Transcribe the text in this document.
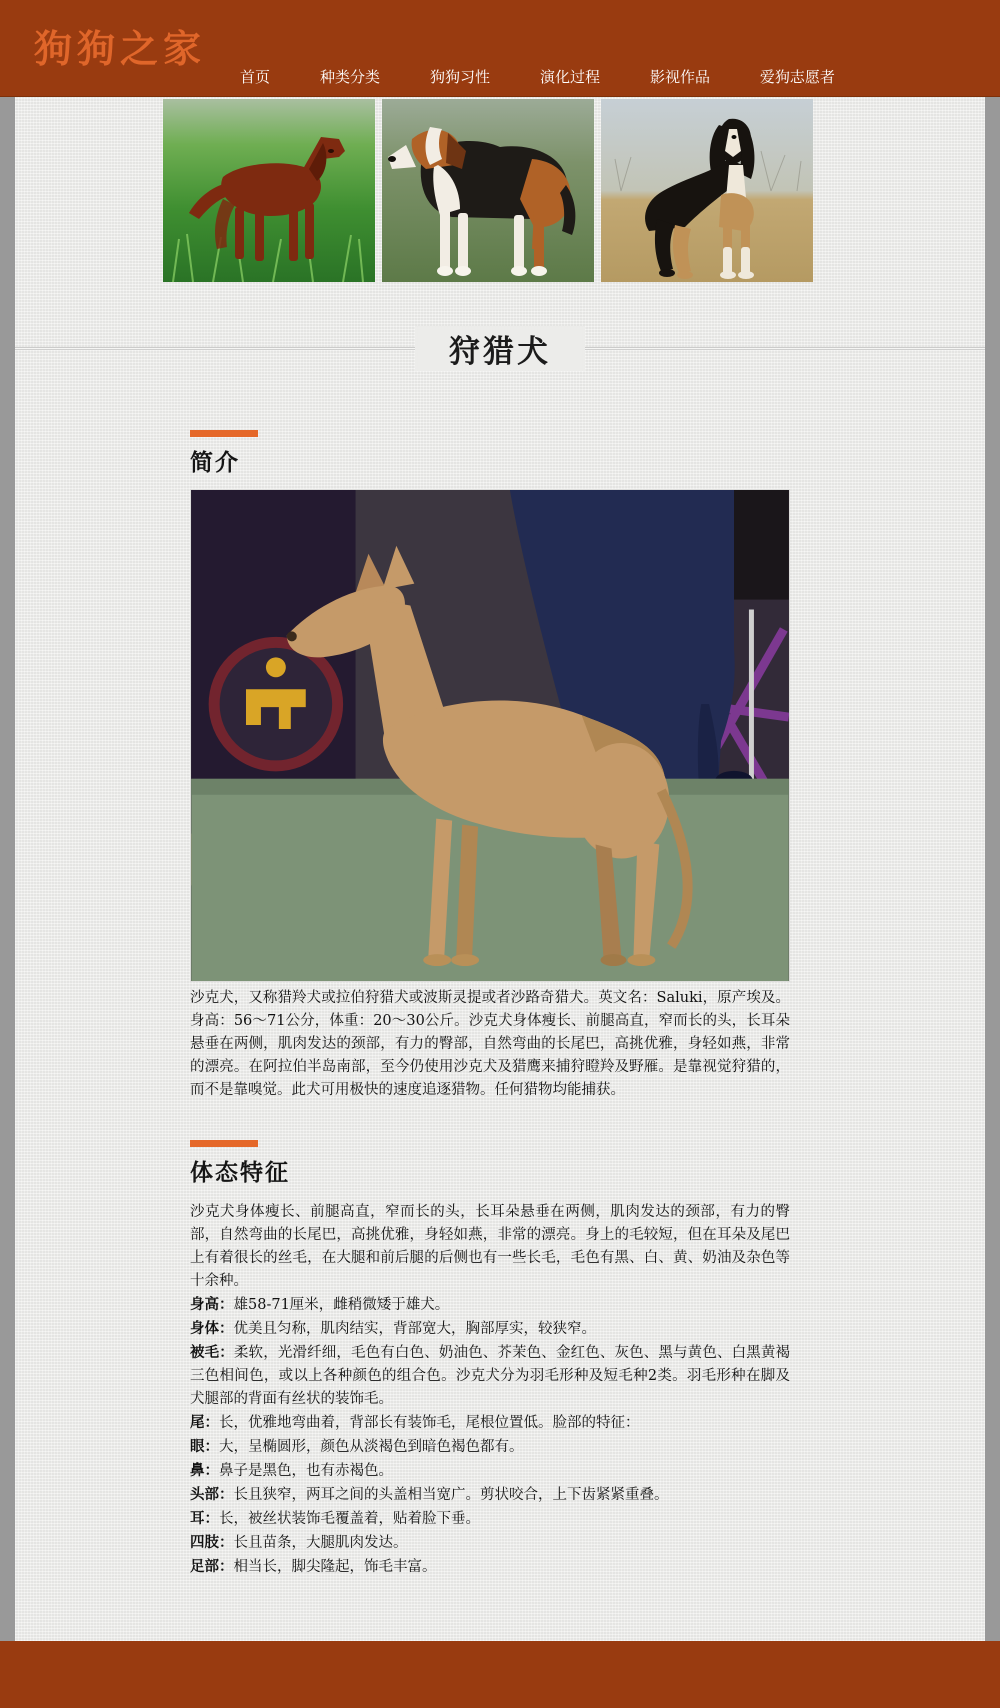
狗狗之家
首页	种类分类	狗狗习性	演化过程	影视作品	爱狗志愿者
狩猎犬
简介

沙克犬，又称猎羚犬或拉伯狩猎犬或波斯灵提或者沙路奇猎犬。英文名：Saluki，原产埃及。身高：56～71公分，体重：20～30公斤。沙克犬身体瘦长、前腿高直，窄而长的头，长耳朵悬垂在两侧，肌肉发达的颈部，有力的臀部，自然弯曲的长尾巴，高挑优雅，身轻如燕，非常的漂亮。在阿拉伯半岛南部，至今仍使用沙克犬及猎鹰来捕狩瞪羚及野雁。是靠视觉狩猎的，而不是靠嗅觉。此犬可用极快的速度追逐猎物。任何猎物均能捕获。

体态特征

沙克犬身体瘦长、前腿高直，窄而长的头，长耳朵悬垂在两侧，肌肉发达的颈部，有力的臀部，自然弯曲的长尾巴，高挑优雅，身轻如燕，非常的漂亮。身上的毛较短，但在耳朵及尾巴上有着很长的丝毛，在大腿和前后腿的后侧也有一些长毛，毛色有黑、白、黄、奶油及杂色等十余种。

身高：雄58-71厘米，雌稍微矮于雄犬。

身体：优美且匀称，肌肉结实，背部宽大，胸部厚实，较狭窄。

被毛：柔软，光滑纤细，毛色有白色、奶油色、芥茉色、金红色、灰色、黑与黄色、白黑黄褐三色相间色，或以上各种颜色的组合色。沙克犬分为羽毛形种及短毛种2类。羽毛形种在脚及犬腿部的背面有丝状的装饰毛。

尾：长，优雅地弯曲着，背部长有装饰毛，尾根位置低。脸部的特征：

眼：大，呈椭圆形，颜色从淡褐色到暗色褐色都有。

鼻：鼻子是黑色，也有赤褐色。

头部：长且狭窄，两耳之间的头盖相当宽广。剪状咬合，上下齿紧紧重叠。

耳：长，被丝状装饰毛覆盖着，贴着脸下垂。

四肢：长且苗条，大腿肌肉发达。

足部：相当长，脚尖隆起，饰毛丰富。
